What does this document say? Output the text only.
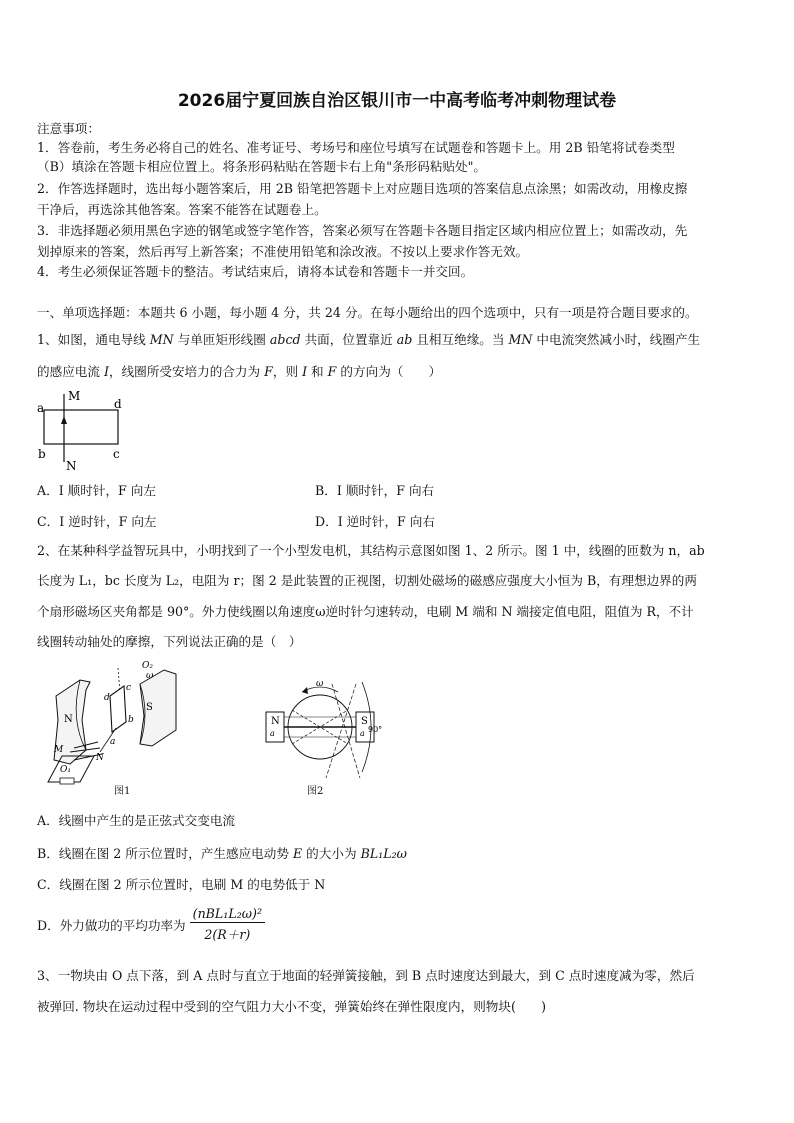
2026届宁夏回族自治区银川市一中高考临考冲刺物理试卷
注意事项：
1．答卷前，考生务必将自己的姓名、准考证号、考场号和座位号填写在试题卷和答题卡上。用 2B 铅笔将试卷类型
（B）填涂在答题卡相应位置上。将条形码粘贴在答题卡右上角"条形码粘贴处"。
2．作答选择题时，选出每小题答案后，用 2B 铅笔把答题卡上对应题目选项的答案信息点涂黑；如需改动，用橡皮擦
干净后，再选涂其他答案。答案不能答在试题卷上。
3．非选择题必须用黑色字迹的钢笔或签字笔作答，答案必须写在答题卡各题目指定区域内相应位置上；如需改动，先
划掉原来的答案，然后再写上新答案；不准使用铅笔和涂改液。不按以上要求作答无效。
4．考生必须保证答题卡的整洁。考试结束后，请将本试卷和答题卡一并交回。
一、单项选择题：本题共 6 小题，每小题 4 分，共 24 分。在每小题给出的四个选项中，只有一项是符合题目要求的。
1、如图，通电导线 MN 与单匝矩形线圈 abcd 共面，位置靠近 ab 且相互绝缘。当 MN 中电流突然减小时，线圈产生
的感应电流 I，线圈所受安培力的合力为 F，则 I 和 F 的方向为（　　）
a
b	c
d
M
N
A．I 顺时针，F 向左	B．I 顺时针，F 向右
C．I 逆时针，F 向左	D．I 逆时针，F 向右
2、在某种科学益智玩具中，小明找到了一个小型发电机，其结构示意图如图 1、2 所示。图 1 中，线圈的匝数为 n，ab
长度为 L₁，bc 长度为 L₂，电阻为 r；图 2 是此装置的正视图，切割处磁场的磁感应强度大小恒为 B，有理想边界的两
个扇形磁场区夹角都是 90°。外力使线圈以角速度ω逆时针匀速转动，电刷 M 端和 N 端接定值电阻，阻值为 R，不计
线圈转动轴处的摩擦，下列说法正确的是（　）
N
S
O₂
ω
b
c
a
d
M
N
O₁
图1
N	S
a	a
ω
90°
图2
A．线圈中产生的是正弦式交变电流
B．线圈在图 2 所示位置时，产生感应电动势 E 的大小为 BL₁L₂ω
C．线圈在图 2 所示位置时，电刷 M 的电势低于 N
D．外力做功的平均功率为 $\frac{\text{(nBL₁L₂ω)²}}{2(R+r)}$
3、一物块由 O 点下落，到 A 点时与直立于地面的轻弹簧接触，到 B 点时速度达到最大，到 C 点时速度减为零，然后
被弹回. 物块在运动过程中受到的空气阻力大小不变，弹簧始终在弹性限度内，则物块(　　)
